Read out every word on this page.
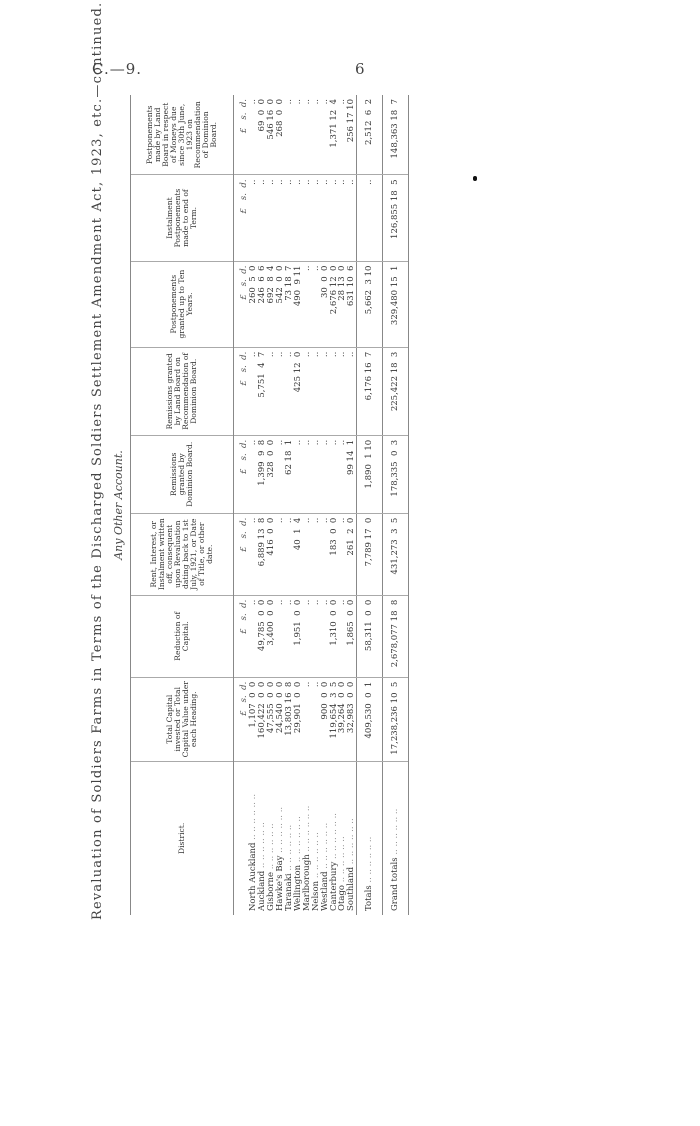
C.—9.	6
Revaluation of Soldiers Farms in Terms of the Discharged Soldiers Settlement Amendment Act, 1923, etc.—continued. Any Other Account.
District.	Total Capital invested or Total Capital Value under each Heading.	Reduction of Capital.	Rent, Interest, or Instalment written off, consequent upon Revaluation dating back to 1st July, 1921, or Date of Title, or other date.	Remissions granted by Dominion Board.	Remissions granted by Land Board on Recommendation of Dominion Board.	Postponements granted up to Ten Years.	Instalment Postponements made to end of Term.	Postponements made by Land Board in respect of Moneys due since 30th June, 1923 on Recommendation of Dominion Board.
	£   s.  d.	£   s.  d.	£   s.  d.	£   s.  d.	£   s.  d.	£   s.  d.	£   s.  d.	£   s.  d.
North Auckland .. .. .. .. .. ..	1,107  0  0	..	..	..	..	260  5  0	..	..
Auckland .. .. .. .. .. ..	160,422  0  0	49,785  0  0	6,889 13  8	1,399  9  8	5,751  4  7	246  6  6	..	69  0  0
Gisborne .. .. .. .. .. ..	47,555  0  0	3,400  0  0	416  0  0	328  0  0	..	692  8  4	..	546 16  0
Hawke's Bay .. .. .. .. .. ..	24,540  0  0	..	..	..	..	542  0  0	..	268  0  0
Taranaki .. .. .. .. .. ..	13,803 16  8	..	..	62 18  1	..	73 18  7	..	..
Wellington .. .. .. .. .. ..	29,901  0  0	1,951  0  0	40  1  4	..	425 12  0	490  9 11	..	..
Marlborough .. .. .. .. .. ..	..	..	..	..	..	..	..	..
Nelson .. .. .. .. .. ..	..	..	..	..	..	..	..	..
Westland .. .. .. .. .. ..	900  0  0	..	..	..	..	30  0  0	..	..
Canterbury .. .. .. .. .. ..	119,654  3  5	1,310  0  0	183  0  0	..	..	2,676 12  0	..	1,371 12  4
Otago .. .. .. .. .. ..	39,264  0  0	..	..	..	..	28 13  0	..	..
Southland .. .. .. .. .. ..	32,983  0  0	1,865  0  0	261  2  0	99 14  1	..	631 10  6	..	256 17 10
Totals .. .. .. .. .. ..	409,530  0  1	58,311  0  0	7,789 17  0	1,890  1 10	6,176 16  7	5,662  3 10	..	2,512  6  2
Grand totals .. .. .. .. .. ..	17,238,236 10  5	2,678,077 18  8	431,273  3  5	178,335  0  3	225,422 18  3	329,480 15  1	126,855 18  5	148,363 18  7
